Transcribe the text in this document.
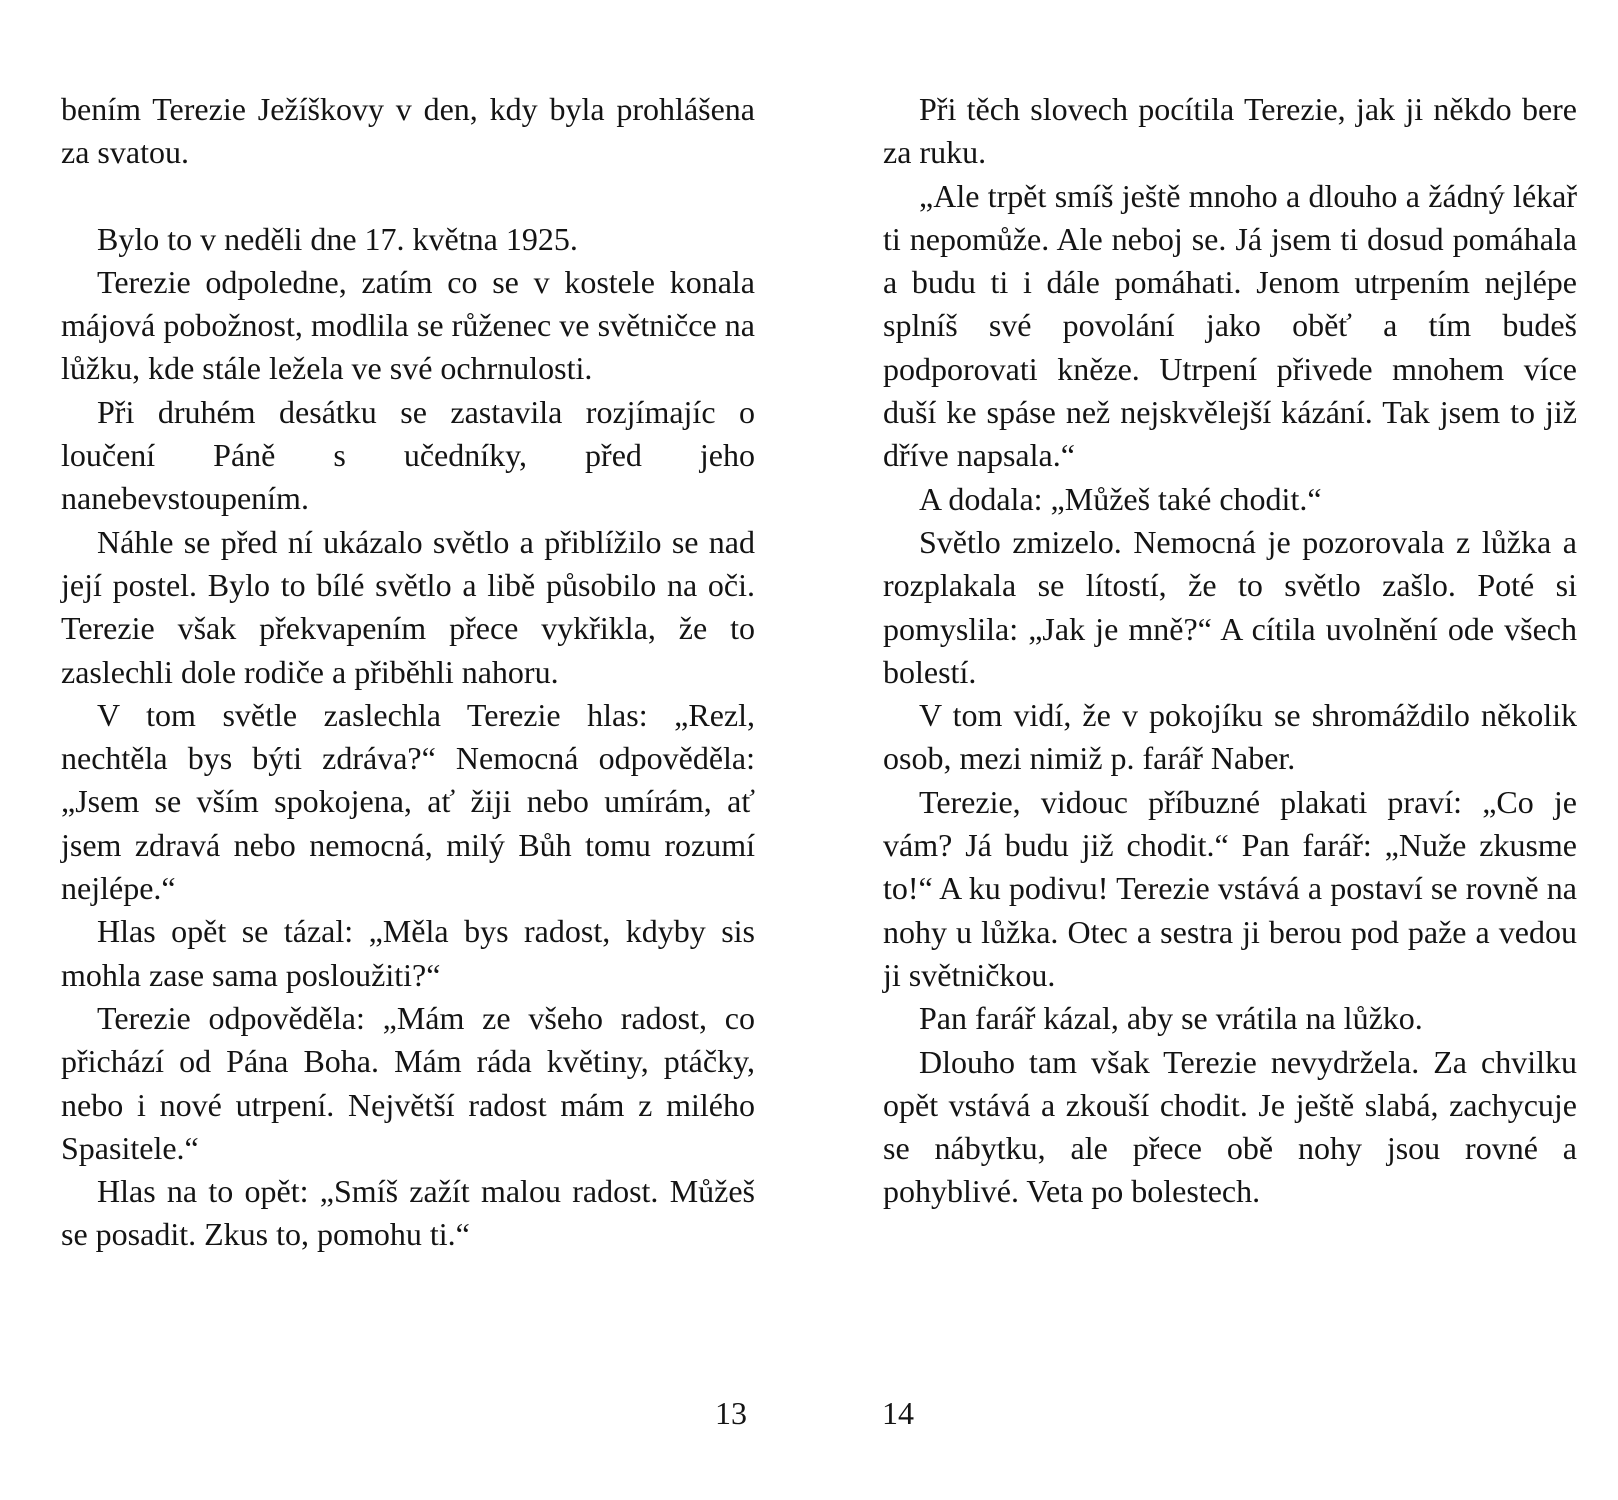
bením Terezie Ježíškovy v den, kdy byla prohlášena za svatou.

Bylo to v neděli dne 17. května 1925.

Terezie odpoledne, zatím co se v kostele konala májová pobožnost, modlila se růženec ve světničce na lůžku, kde stále ležela ve své ochrnulosti.

Při druhém desátku se zastavila rozjímajíc o loučení Páně s učedníky, před jeho nanebevstoupením.

Náhle se před ní ukázalo světlo a přiblížilo se nad její postel. Bylo to bílé světlo a libě působilo na oči. Terezie však překvapením přece vykřikla, že to zaslechli dole rodiče a přiběhli nahoru.

V tom světle zaslechla Terezie hlas: „Rezl, nechtěla bys býti zdráva?“ Nemocná odpověděla: „Jsem se vším spokojena, ať žiji nebo umírám, ať jsem zdravá nebo nemocná, milý Bůh tomu rozumí nejlépe.“

Hlas opět se tázal: „Měla bys radost, kdyby sis mohla zase sama posloužiti?“

Terezie odpověděla: „Mám ze všeho radost, co přichází od Pána Boha. Mám ráda květiny, ptáčky, nebo i nové utrpení. Největší radost mám z milého Spasitele.“

Hlas na to opět: „Smíš zažít malou radost. Můžeš se posadit. Zkus to, pomohu ti.“

13

Při těch slovech pocítila Terezie, jak ji někdo bere za ruku.

„Ale trpět smíš ještě mnoho a dlouho a žádný lékař ti nepomůže. Ale neboj se. Já jsem ti dosud pomáhala a budu ti i dále pomáhati. Jenom utrpením nejlépe splníš své povolání jako oběť a tím budeš podporovati kněze. Utrpení přivede mnohem více duší ke spáse než nejskvělejší kázání. Tak jsem to již dříve napsala.“

A dodala: „Můžeš také chodit.“

Světlo zmizelo. Nemocná je pozorovala z lůžka a rozplakala se lítostí, že to světlo zašlo. Poté si pomyslila: „Jak je mně?“ A cítila uvolnění ode všech bolestí.

V tom vidí, že v pokojíku se shromáždilo několik osob, mezi nimiž p. farář Naber.

Terezie, vidouc příbuzné plakati praví: „Co je vám? Já budu již chodit.“ Pan farář: „Nuže zkusme to!“ A ku podivu! Terezie vstává a postaví se rovně na nohy u lůžka. Otec a sestra ji berou pod paže a vedou ji světničkou.

Pan farář kázal, aby se vrátila na lůžko.

Dlouho tam však Terezie nevydržela. Za chvilku opět vstává a zkouší chodit. Je ještě slabá, zachycuje se nábytku, ale přece obě nohy jsou rovné a pohyblivé. Veta po bolestech.

14
